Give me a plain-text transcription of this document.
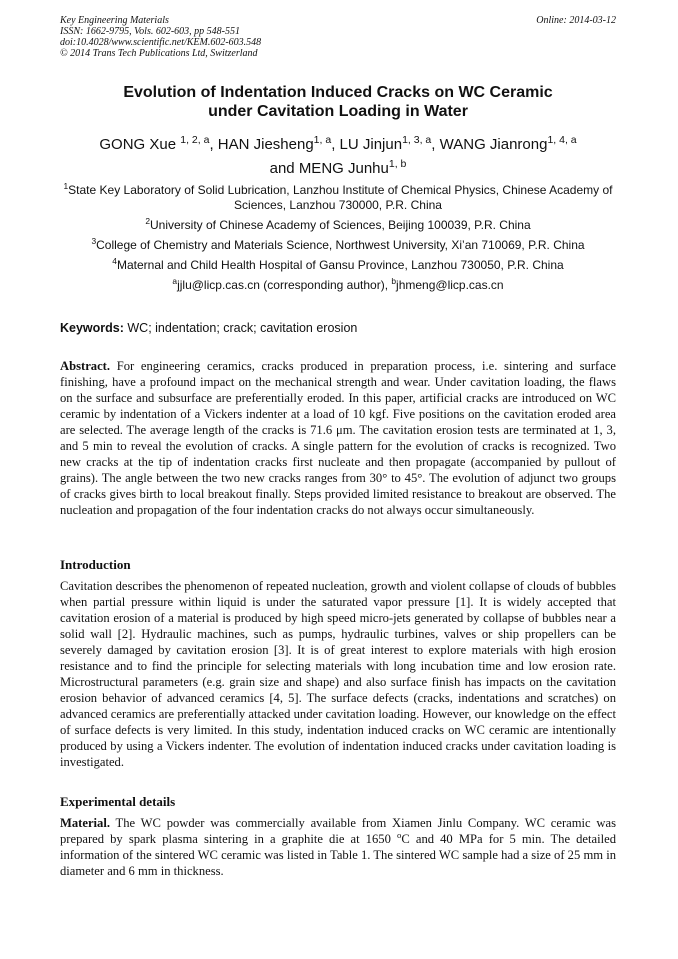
Key Engineering Materials
ISSN: 1662-9795, Vols. 602-603, pp 548-551
doi:10.4028/www.scientific.net/KEM.602-603.548
© 2014 Trans Tech Publications Ltd, Switzerland
Online: 2014-03-12
Evolution of Indentation Induced Cracks on WC Ceramic
under Cavitation Loading in Water
GONG Xue $^{1, 2, a}$, HAN Jiesheng$^{1, a}$, LU Jinjun$^{1, 3, a}$, WANG Jianrong$^{1, 4, a}$
and MENG Junhu$^{1, b}$

$^1$State Key Laboratory of Solid Lubrication, Lanzhou Institute of Chemical Physics, Chinese Academy of Sciences, Lanzhou 730000, P.R. China

$^2$University of Chinese Academy of Sciences, Beijing 100039, P.R. China

$^3$College of Chemistry and Materials Science, Northwest University, Xi’an 710069, P.R. China

$^4$Maternal and Child Health Hospital of Gansu Province, Lanzhou 730050, P.R. China

$^a$jjlu@licp.cas.cn (corresponding author), $^b$jhmeng@licp.cas.cn

Keywords: WC; indentation; crack; cavitation erosion

Abstract. For engineering ceramics, cracks produced in preparation process, i.e. sintering and surface finishing, have a profound impact on the mechanical strength and wear. Under cavitation loading, the flaws on the surface and subsurface are preferentially eroded. In this paper, artificial cracks are introduced on WC ceramic by indentation of a Vickers indenter at a load of 10 kgf. Five positions on the cavitation eroded area are selected. The average length of the cracks is 71.6 μm. The cavitation erosion tests are terminated at 1, 3, and 5 min to reveal the evolution of cracks. A single pattern for the evolution of cracks is recognized. Two new cracks at the tip of indentation cracks first nucleate and then propagate (accompanied by pullout of grains). The angle between the two new cracks ranges from 30° to 45°. The evolution of adjunct two groups of cracks gives birth to local breakout finally. Steps provided limited resistance to breakout are observed. The nucleation and propagation of the four indentation cracks do not always occur simultaneously.

Introduction

Cavitation describes the phenomenon of repeated nucleation, growth and violent collapse of clouds of bubbles when partial pressure within liquid is under the saturated vapor pressure [1]. It is widely accepted that cavitation erosion of a material is produced by high speed micro-jets generated by collapse of bubbles near a solid wall [2]. Hydraulic machines, such as pumps, hydraulic turbines, valves or ship propellers can be severely damaged by cavitation erosion [3]. It is of great interest to explore materials with high erosion resistance and to find the principle for selecting materials with long incubation time and low erosion rate. Microstructural parameters (e.g. grain size and shape) and also surface finish has impacts on the cavitation erosion behavior of advanced ceramics [4, 5]. The surface defects (cracks, indentations and scratches) on advanced ceramics are preferentially attacked under cavitation loading. However, our knowledge on the effect of surface defects is very limited. In this study, indentation induced cracks on WC ceramic are intentionally produced by using a Vickers indenter. The evolution of indentation induced cracks under cavitation loading is investigated.

Experimental details

Material. The WC powder was commercially available from Xiamen Jinlu Company. WC ceramic was prepared by spark plasma sintering in a graphite die at 1650 $^o$C and 40 MPa for 5 min. The detailed information of the sintered WC ceramic was listed in Table 1. The sintered WC sample had a size of 25 mm in diameter and 6 mm in thickness.
